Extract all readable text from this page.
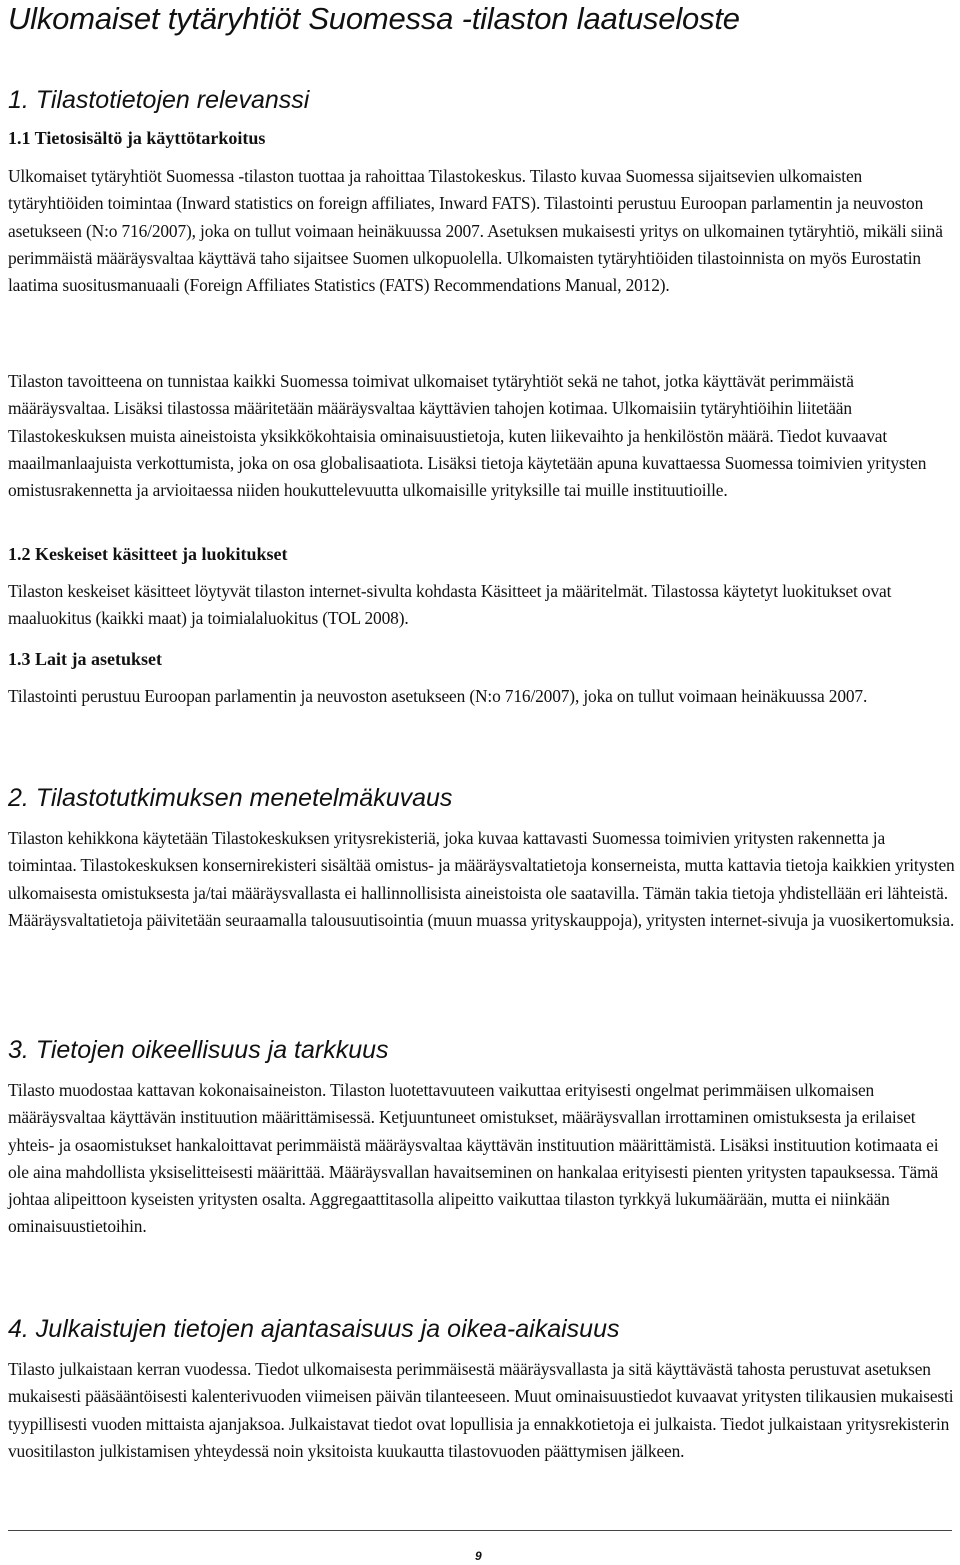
Ulkomaiset tytäryhtiöt Suomessa -tilaston laatuseloste
1. Tilastotietojen relevanssi
1.1 Tietosisältö ja käyttötarkoitus

Ulkomaiset tytäryhtiöt Suomessa -tilaston tuottaa ja rahoittaa Tilastokeskus. Tilasto kuvaa Suomessa sijaitsevien ulkomaisten tytäryhtiöiden toimintaa (Inward statistics on foreign affiliates, Inward FATS). Tilastointi perustuu Euroopan parlamentin ja neuvoston asetukseen (N:o 716/2007), joka on tullut voimaan heinäkuussa 2007. Asetuksen mukaisesti yritys on ulkomainen tytäryhtiö, mikäli siinä perimmäistä määräysvaltaa käyttävä taho sijaitsee Suomen ulkopuolella. Ulkomaisten tytäryhtiöiden tilastoinnista on myös Eurostatin laatima suositusmanuaali (Foreign Affiliates Statistics (FATS) Recommendations Manual, 2012).

Tilaston tavoitteena on tunnistaa kaikki Suomessa toimivat ulkomaiset tytäryhtiöt sekä ne tahot, jotka käyttävät perimmäistä määräysvaltaa. Lisäksi tilastossa määritetään määräysvaltaa käyttävien tahojen kotimaa. Ulkomaisiin tytäryhtiöihin liitetään Tilastokeskuksen muista aineistoista yksikkökohtaisia ominaisuustietoja, kuten liikevaihto ja henkilöstön määrä. Tiedot kuvaavat maailmanlaajuista verkottumista, joka on osa globalisaatiota. Lisäksi tietoja käytetään apuna kuvattaessa Suomessa toimivien yritysten omistusrakennetta ja arvioitaessa niiden houkuttelevuutta ulkomaisille yrityksille tai muille instituutioille.

1.2 Keskeiset käsitteet ja luokitukset

Tilaston keskeiset käsitteet löytyvät tilaston internet-sivulta kohdasta Käsitteet ja määritelmät. Tilastossa käytetyt luokitukset ovat maaluokitus (kaikki maat) ja toimialaluokitus (TOL 2008).

1.3 Lait ja asetukset

Tilastointi perustuu Euroopan parlamentin ja neuvoston asetukseen (N:o 716/2007), joka on tullut voimaan heinäkuussa 2007.

2. Tilastotutkimuksen menetelmäkuvaus

Tilaston kehikkona käytetään Tilastokeskuksen yritysrekisteriä, joka kuvaa kattavasti Suomessa toimivien yritysten rakennetta ja toimintaa. Tilastokeskuksen konsernirekisteri sisältää omistus- ja määräysvaltatietoja konserneista, mutta kattavia tietoja kaikkien yritysten ulkomaisesta omistuksesta ja/tai määräysvallasta ei hallinnollisista aineistoista ole saatavilla. Tämän takia tietoja yhdistellään eri lähteistä. Määräysvaltatietoja päivitetään seuraamalla talousuutisointia (muun muassa yrityskauppoja), yritysten internet-sivuja ja vuosikertomuksia.

3. Tietojen oikeellisuus ja tarkkuus

Tilasto muodostaa kattavan kokonaisaineiston. Tilaston luotettavuuteen vaikuttaa erityisesti ongelmat perimmäisen ulkomaisen määräysvaltaa käyttävän instituution määrittämisessä. Ketjuuntuneet omistukset, määräysvallan irrottaminen omistuksesta ja erilaiset yhteis- ja osaomistukset hankaloittavat perimmäistä määräysvaltaa käyttävän instituution määrittämistä. Lisäksi instituution kotimaata ei ole aina mahdollista yksiselitteisesti määrittää. Määräysvallan havaitseminen on hankalaa erityisesti pienten yritysten tapauksessa. Tämä johtaa alipeittoon kyseisten yritysten osalta. Aggregaattitasolla alipeitto vaikuttaa tilaston tyrkkyä lukumäärään, mutta ei niinkään ominaisuustietoihin.

4. Julkaistujen tietojen ajantasaisuus ja oikea-aikaisuus

Tilasto julkaistaan kerran vuodessa. Tiedot ulkomaisesta perimmäisestä määräysvallasta ja sitä käyttävästä tahosta perustuvat asetuksen mukaisesti pääsääntöisesti kalenterivuoden viimeisen päivän tilanteeseen. Muut ominaisuustiedot kuvaavat yritysten tilikausien mukaisesti tyypillisesti vuoden mittaista ajanjaksoa. Julkaistavat tiedot ovat lopullisia ja ennakkotietoja ei julkaista. Tiedot julkaistaan yritysrekisterin vuositilaston julkistamisen yhteydessä noin yksitoista kuukautta tilastovuoden päättymisen jälkeen.

9
